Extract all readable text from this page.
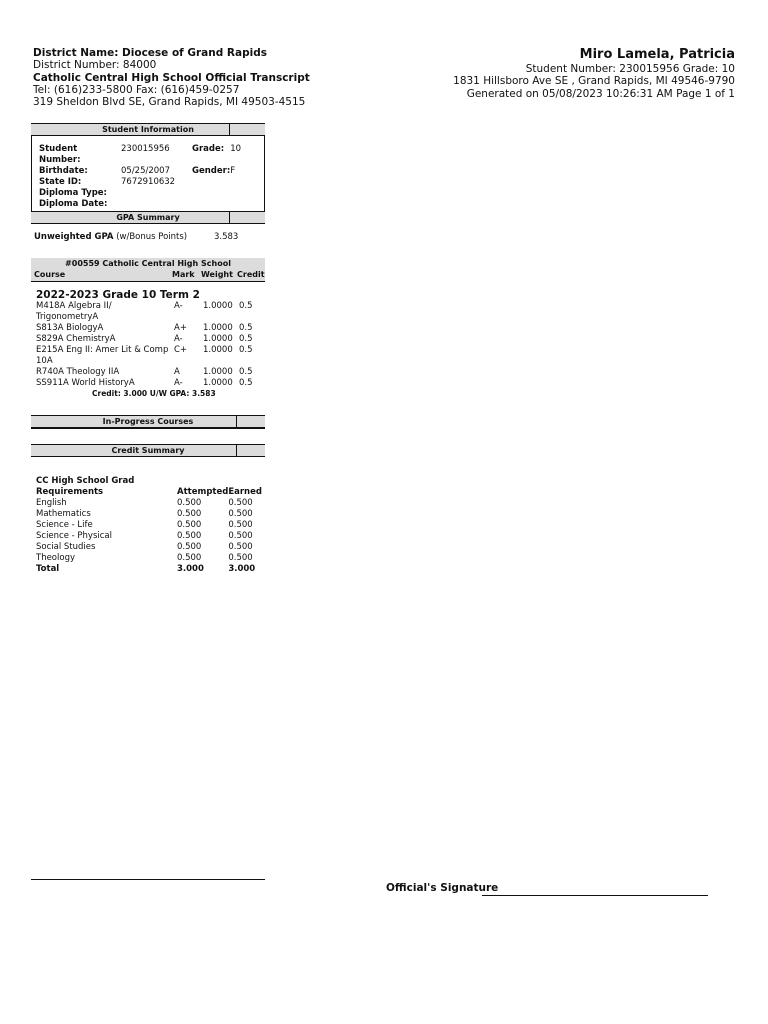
District Name: Diocese of Grand Rapids
District Number: 84000
Catholic Central High School Official Transcript
Tel: (616)233-5800 Fax: (616)459-0257
319 Sheldon Blvd SE, Grand Rapids, MI 49503-4515
Miro Lamela, Patricia
Student Number: 230015956 Grade: 10
1831 Hillsboro Ave SE , Grand Rapids, MI 49546-9790
Generated on 05/08/2023 10:26:31 AM Page 1 of 1
Student Information
Student Number:	230015956	Grade:	10
Birthdate:	05/25/2007	Gender:	F
State ID:	7672910632		
Diploma Type:			
Diploma Date:			
GPA Summary
Unweighted GPA (w/Bonus Points)	3.583
#00559 Catholic Central High School
Course	Mark Weight Credit
2022-2023 Grade 10 Term 2
M418A Algebra II/	A- 1.0000 0.5
TrigonometryA
S813A BiologyA	A+ 1.0000 0.5
S829A ChemistryA	A- 1.0000 0.5
E215A Eng II: Amer Lit & Comp C+ 1.0000 0.5
10A
R740A Theology IIA	A	1.0000 0.5
SS911A World HistoryA	A- 1.0000 0.5
Credit: 3.000 U/W GPA: 3.583
In-Progress Courses
Credit Summary
CC High School Grad
Requirements	Attempted	Earned
English	0.500	0.500
Mathematics	0.500	0.500
Science - Life	0.500	0.500
Science - Physical	0.500	0.500
Social Studies	0.500	0.500
Theology	0.500	0.500
Total	3.000	3.000
Official's Signature
